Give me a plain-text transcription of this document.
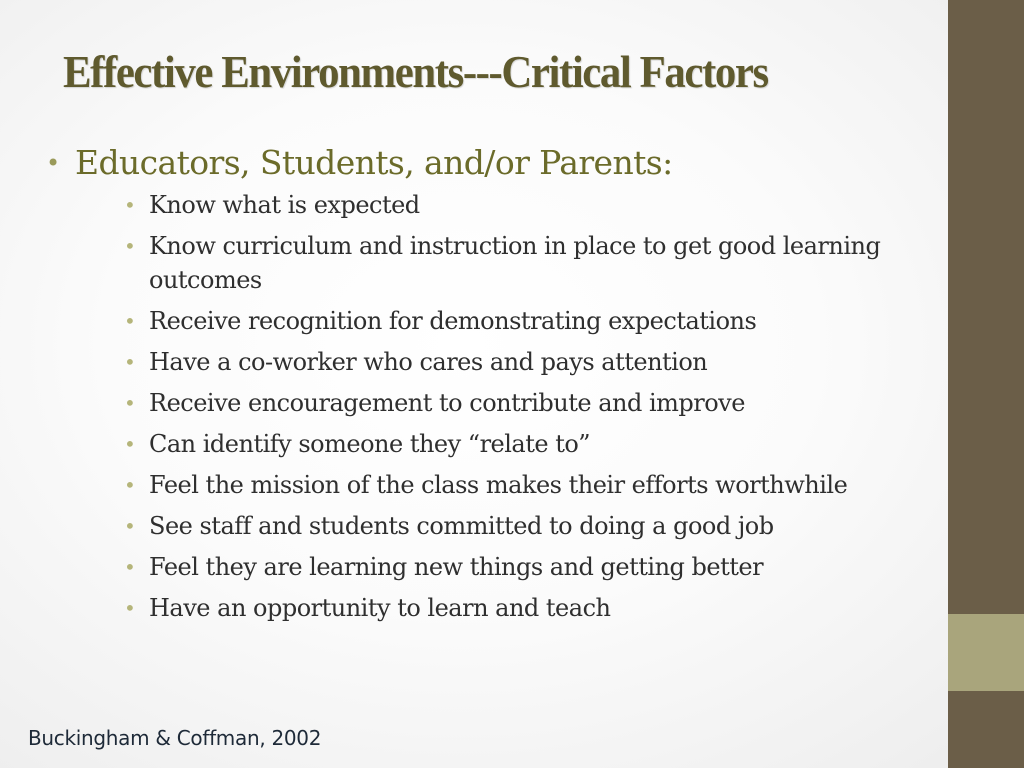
Effective Environments---Critical Factors
• Educators, Students, and/or Parents:
• Know what is expected
• Know curriculum and instruction in place to get good learning outcomes
• Receive recognition for demonstrating expectations
• Have a co-worker who cares and pays attention
• Receive encouragement to contribute and improve
• Can identify someone they “relate to”
• Feel the mission of the class makes their efforts worthwhile
• See staff and students committed to doing a good job
• Feel they are learning new things and getting better
• Have an opportunity to learn and teach
Buckingham & Coffman, 2002
